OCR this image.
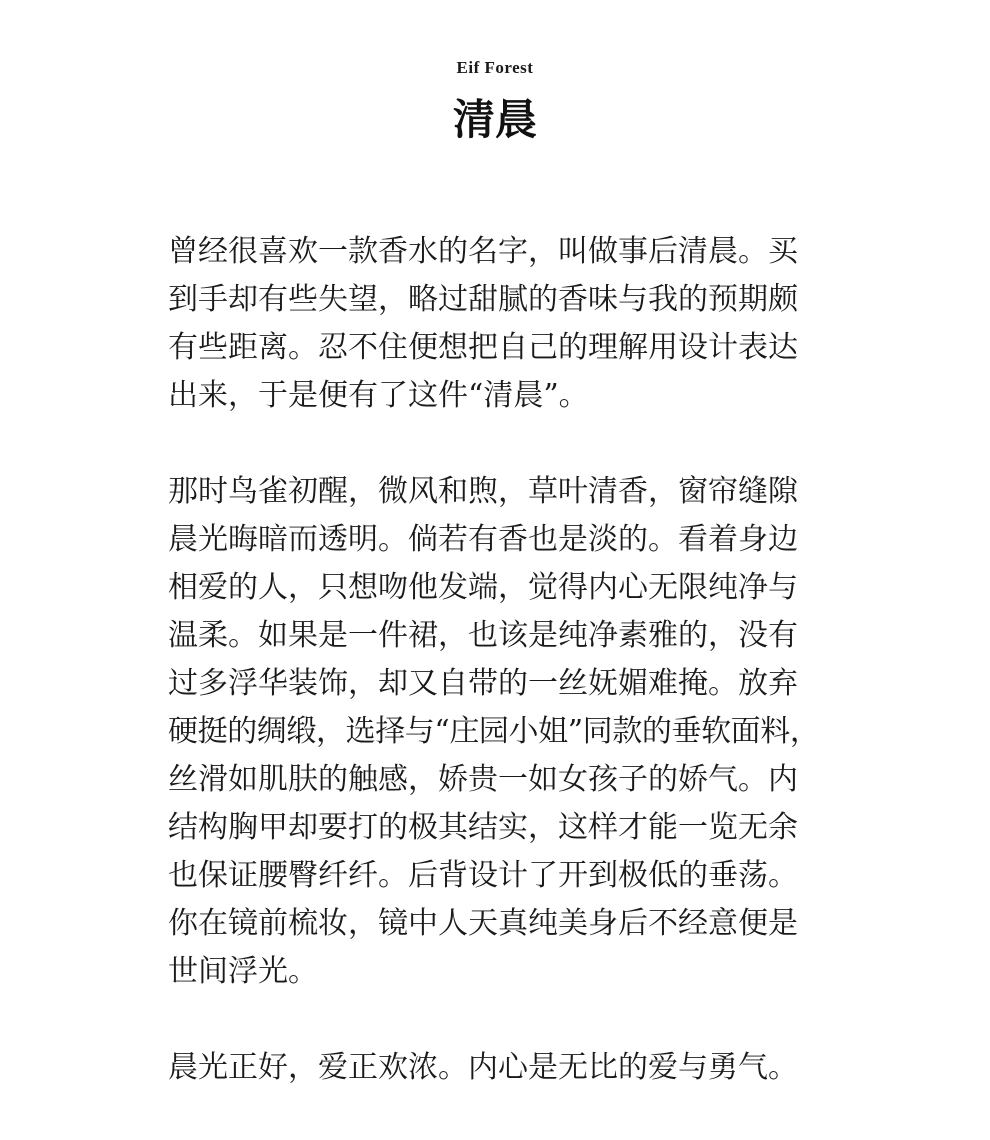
Eif Forest
清晨
曾经很喜欢一款香水的名字，叫做事后清晨。买
到手却有些失望，略过甜腻的香味与我的预期颇
有些距离。忍不住便想把自己的理解用设计表达
出来，于是便有了这件“清晨”。
那时鸟雀初醒，微风和煦，草叶清香，窗帘缝隙
晨光晦暗而透明。倘若有香也是淡的。看着身边
相爱的人，只想吻他发端，觉得内心无限纯净与
温柔。如果是一件裙，也该是纯净素雅的，没有
过多浮华装饰，却又自带的一丝妩媚难掩。放弃
硬挺的绸缎，选择与“庄园小姐”同款的垂软面料，
丝滑如肌肤的触感，娇贵一如女孩子的娇气。内
结构胸甲却要打的极其结实，这样才能一览无余
也保证腰臀纤纤。后背设计了开到极低的垂荡。
你在镜前梳妆，镜中人天真纯美身后不经意便是
世间浮光。
晨光正好，爱正欢浓。内心是无比的爱与勇气。
